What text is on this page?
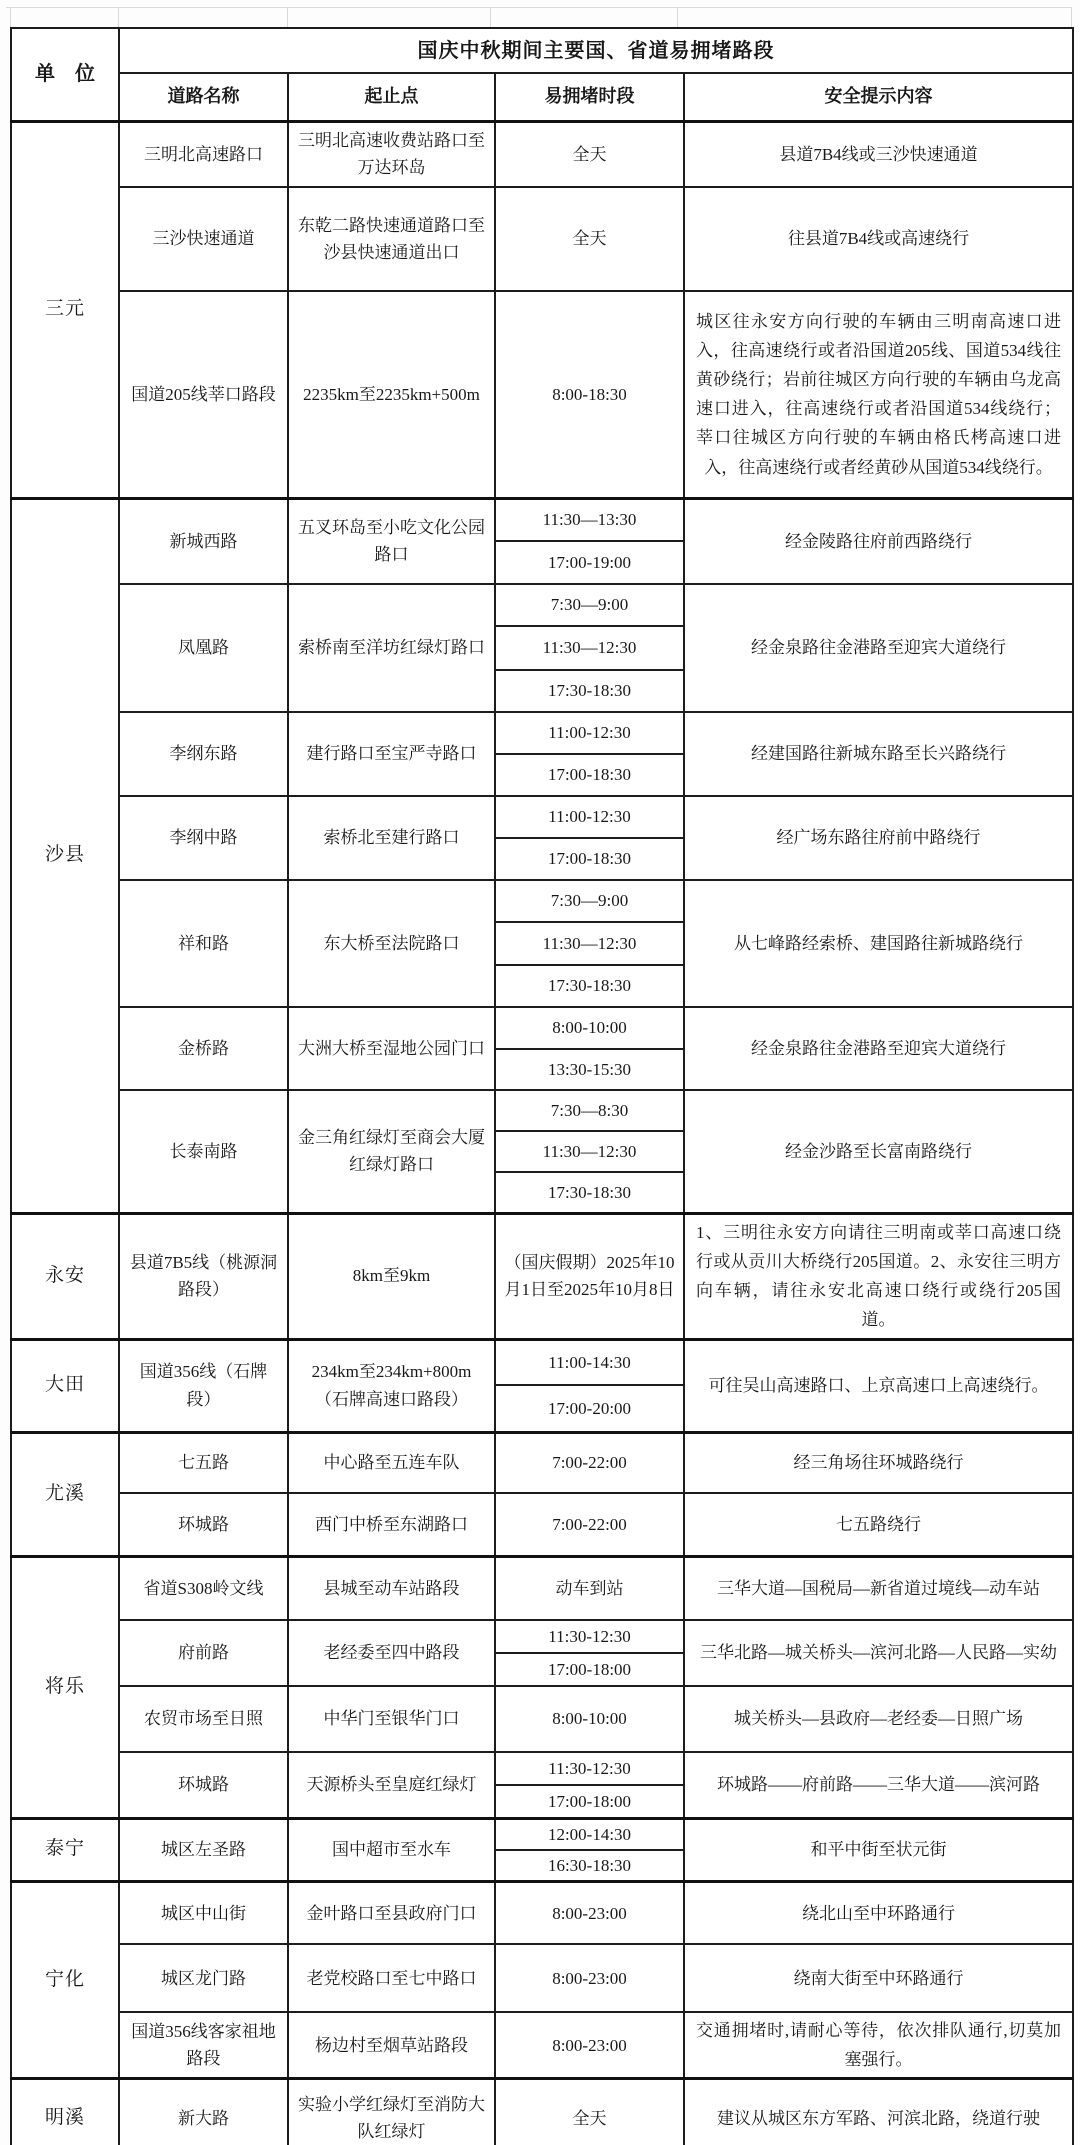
单　位	国庆中秋期间主要国、省道易拥堵路段			
	道路名称	起止点	易拥堵时段	安全提示内容
三元	三明北高速路口	三明北高速收费站路口至万达环岛	全天	县道7B4线或三沙快速通道
	三沙快速通道	东乾二路快速通道路口至沙县快速通道出口	全天	往县道7B4线或高速绕行
	国道205线莘口路段	2235km至2235km+500m	8:00-18:30	城区往永安方向行驶的车辆由三明南高速口进入，往高速绕行或者沿国道205线、国道534线往黄砂绕行；岩前往城区方向行驶的车辆由乌龙高速口进入，往高速绕行或者沿国道534线绕行；莘口往城区方向行驶的车辆由格氏栲高速口进入，往高速绕行或者经黄砂从国道534线绕行。
沙县	新城西路	五叉环岛至小吃文化公园路口	11:30—13:30	经金陵路往府前西路绕行
			17:00-19:00	
	凤凰路	索桥南至洋坊红绿灯路口	7:30—9:00	经金泉路往金港路至迎宾大道绕行
			11:30—12:30	
			17:30-18:30	
	李纲东路	建行路口至宝严寺路口	11:00-12:30	经建国路往新城东路至长兴路绕行
			17:00-18:30	
	李纲中路	索桥北至建行路口	11:00-12:30	经广场东路往府前中路绕行
			17:00-18:30	
	祥和路	东大桥至法院路口	7:30—9:00	从七峰路经索桥、建国路往新城路绕行
			11:30—12:30	
			17:30-18:30	
	金桥路	大洲大桥至湿地公园门口	8:00-10:00	经金泉路往金港路至迎宾大道绕行
			13:30-15:30	
	长泰南路	金三角红绿灯至商会大厦红绿灯路口	7:30—8:30	经金沙路至长富南路绕行
			11:30—12:30	
			17:30-18:30	
永安	县道7B5线（桃源洞路段）	8km至9km	（国庆假期）2025年10月1日至2025年10月8日	1、三明往永安方向请往三明南或莘口高速口绕行或从贡川大桥绕行205国道。2、永安往三明方向车辆，请往永安北高速口绕行或绕行205国道。
大田	国道356线（石牌段）	234km至234km+800m（石牌高速口路段）	11:00-14:30	可往吴山高速路口、上京高速口上高速绕行。
			17:00-20:00	
尤溪	七五路	中心路至五连车队	7:00-22:00	经三角场往环城路绕行
	环城路	西门中桥至东湖路口	7:00-22:00	七五路绕行
将乐	省道S308岭文线	县城至动车站路段	动车到站	三华大道—国税局—新省道过境线—动车站
	府前路	老经委至四中路段	11:30-12:30	三华北路—城关桥头—滨河北路—人民路—实幼
			17:00-18:00	
	农贸市场至日照	中华门至银华门口	8:00-10:00	城关桥头—县政府—老经委—日照广场
	环城路	天源桥头至皇庭红绿灯	11:30-12:30	环城路——府前路——三华大道——滨河路
			17:00-18:00	
泰宁	城区左圣路	国中超市至水车	12:00-14:30	和平中街至状元街
			16:30-18:30	
宁化	城区中山街	金叶路口至县政府门口	8:00-23:00	绕北山至中环路通行
	城区龙门路	老党校路口至七中路口	8:00-23:00	绕南大街至中环路通行
	国道356线客家祖地路段	杨边村至烟草站路段	8:00-23:00	交通拥堵时,请耐心等待，依次排队通行,切莫加塞强行。
明溪	新大路	实验小学红绿灯至消防大队红绿灯	全天	建议从城区东方军路、河滨北路，绕道行驶
